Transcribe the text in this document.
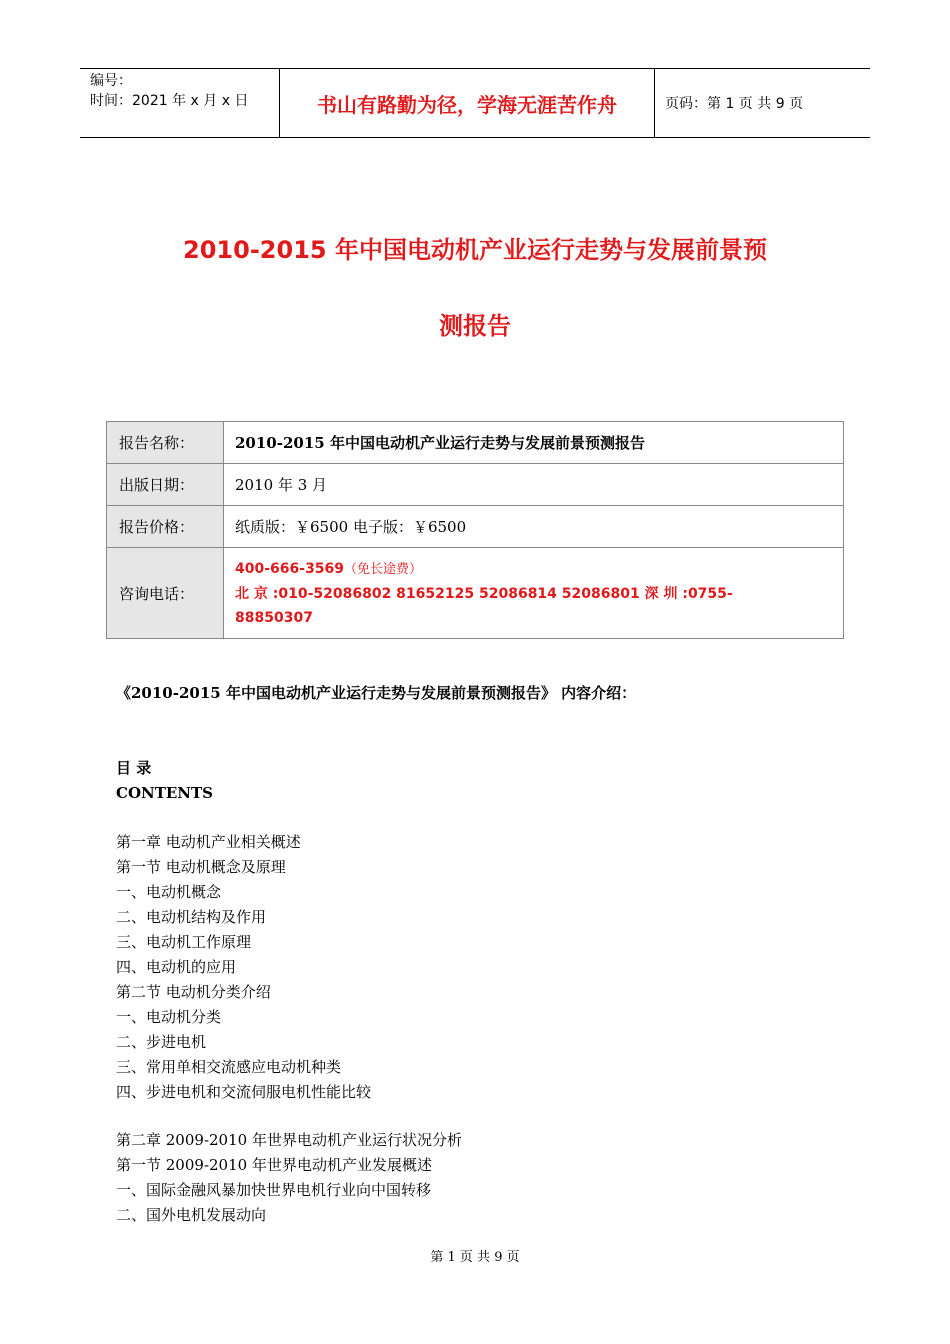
编号：
时间：2021 年 x 月 x 日	书山有路勤为径，学海无涯苦作舟	页码：第 1 页 共 9 页
2010-2015 年中国电动机产业运行走势与发展前景预
测报告
报告名称：	2010-2015 年中国电动机产业运行走势与发展前景预测报告
出版日期：	2010 年 3 月
报告价格：	纸质版：￥6500 电子版：￥6500
咨询电话：	400-666-3569（免长途费）
北 京 :010-52086802 81652125 52086814 52086801 深 圳 :0755-
88850307
《2010-2015 年中国电动机产业运行走势与发展前景预测报告》 内容介绍：
目 录
CONTENTS
第一章 电动机产业相关概述
第一节 电动机概念及原理
一、电动机概念
二、电动机结构及作用
三、电动机工作原理
四、电动机的应用
第二节 电动机分类介绍
一、电动机分类
二、步进电机
三、常用单相交流感应电动机种类
四、步进电机和交流伺服电机性能比较
第二章 2009-2010 年世界电动机产业运行状况分析
第一节 2009-2010 年世界电动机产业发展概述
一、国际金融风暴加快世界电机行业向中国转移
二、国外电机发展动向
第 1 页 共 9 页
